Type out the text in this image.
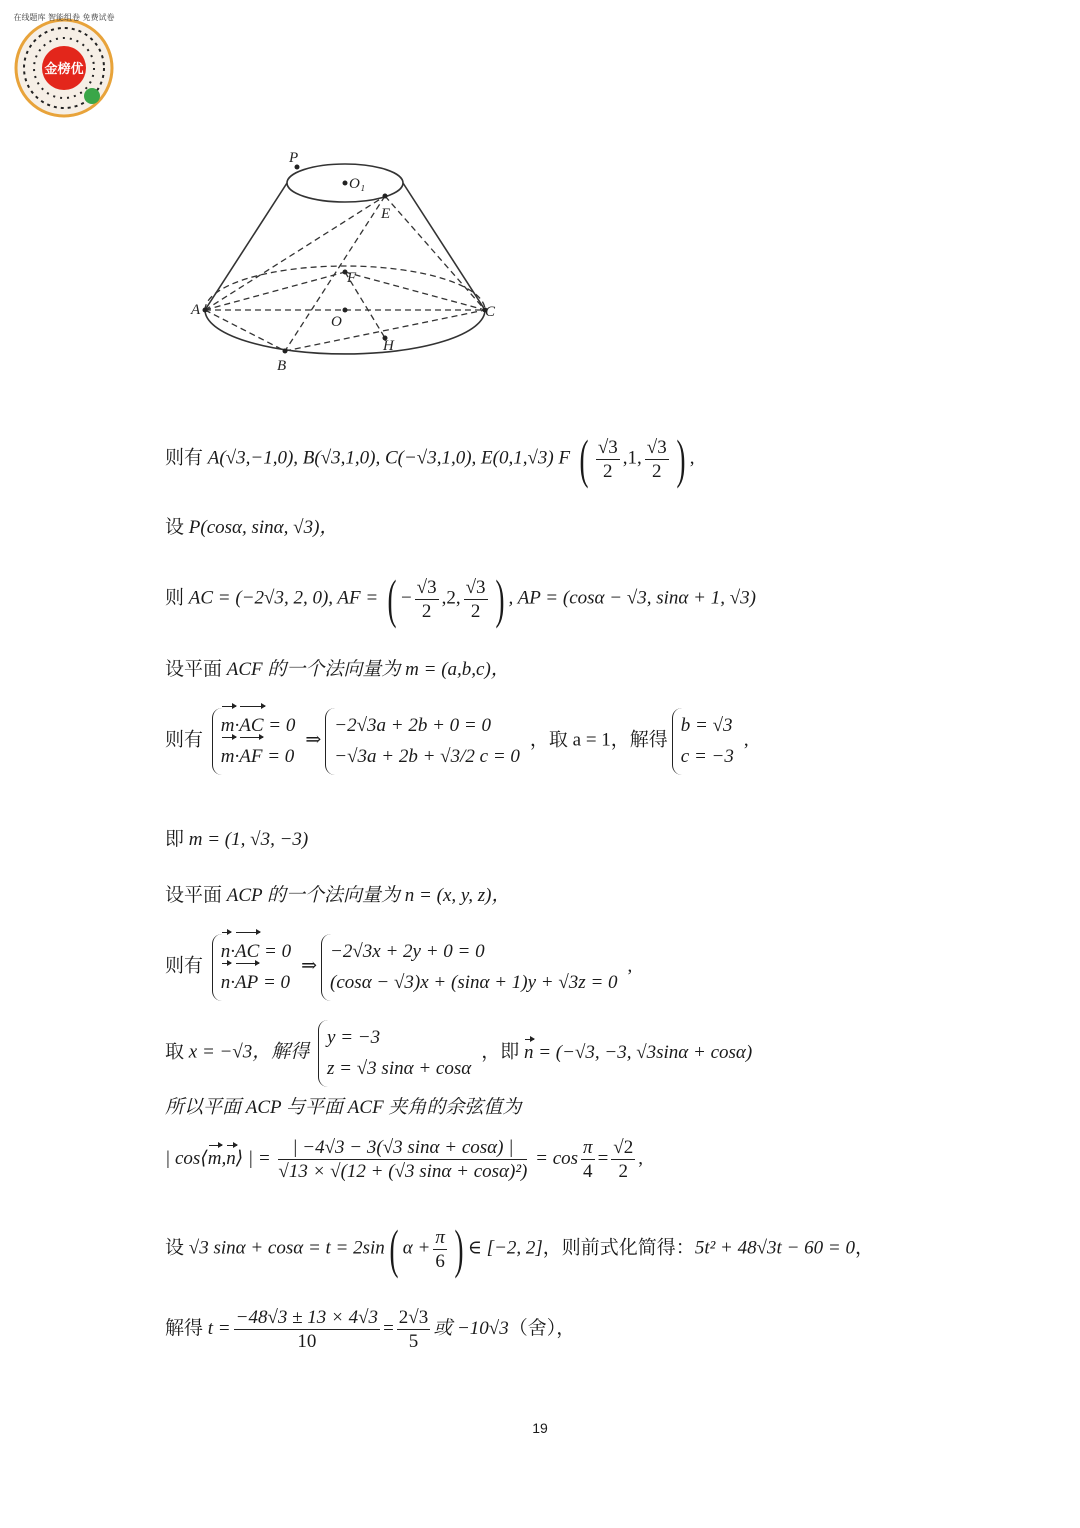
金榜优
在线题库 智能组卷 免费试卷
P
O₁
E
F
A
O
C
H
B
则有 A(√3,−1,0), B(√3,1,0), C(−√3,1,0), E(0,1,√3) F ( $\frac{√3}{2} ,1$, $\frac{√3}{2}$ ) ,
设 P(cosα, sinα, √3)，
则 AC = (−2√3, 2, 0), AF = ( − $\frac{√3}{2} ,2$, $\frac{√3}{2}$ ) , AP = (cosα − √3, sinα + 1, √3)
设平面 ACF 的一个法向量为 m = (a,b,c)，
则有
m·AC = 0
m·AF = 0
⇒
−2√3a + 2b + 0 = 0
−√3a + 2b + √3/2 c = 0
，取 a = 1，解得
b = √3
c = −3
,
即 m = (1, √3, −3)
设平面 ACP 的一个法向量为 n = (x, y, z)，
则有
n·AC = 0
n·AP = 0
⇒
−2√3x + 2y + 0 = 0
(cosα − √3)x + (sinα + 1)y + √3z = 0
,
取 x = −√3，解得
y = −3
z = √3 sinα + cosα
，即 n = (−√3, −3, √3sinα + cosα)
所以平面 ACP 与平面 ACF 夹角的余弦值为
| cos⟨m,n⟩ | = $\frac{| -4√3 - 3(√3 \sin\alpha + \cos\alpha) |}{\text{√13 × √(12 + (√3 sinα + cosα)²)}} = \cos \frac{\pi}{4} = \frac{√2}{2}$ ,
设 √3 sinα + cosα = t = 2sin( $\alpha + \frac{\pi}{6}$ ) ∈ [−2, 2]，则前式化简得：5t² + 48√3t − 60 = 0，
解得 $t = \frac{-48√3 \pm 13 \times 4√3}{10} = \frac{2√3}{5}$ 或 −10√3（舍），
19
